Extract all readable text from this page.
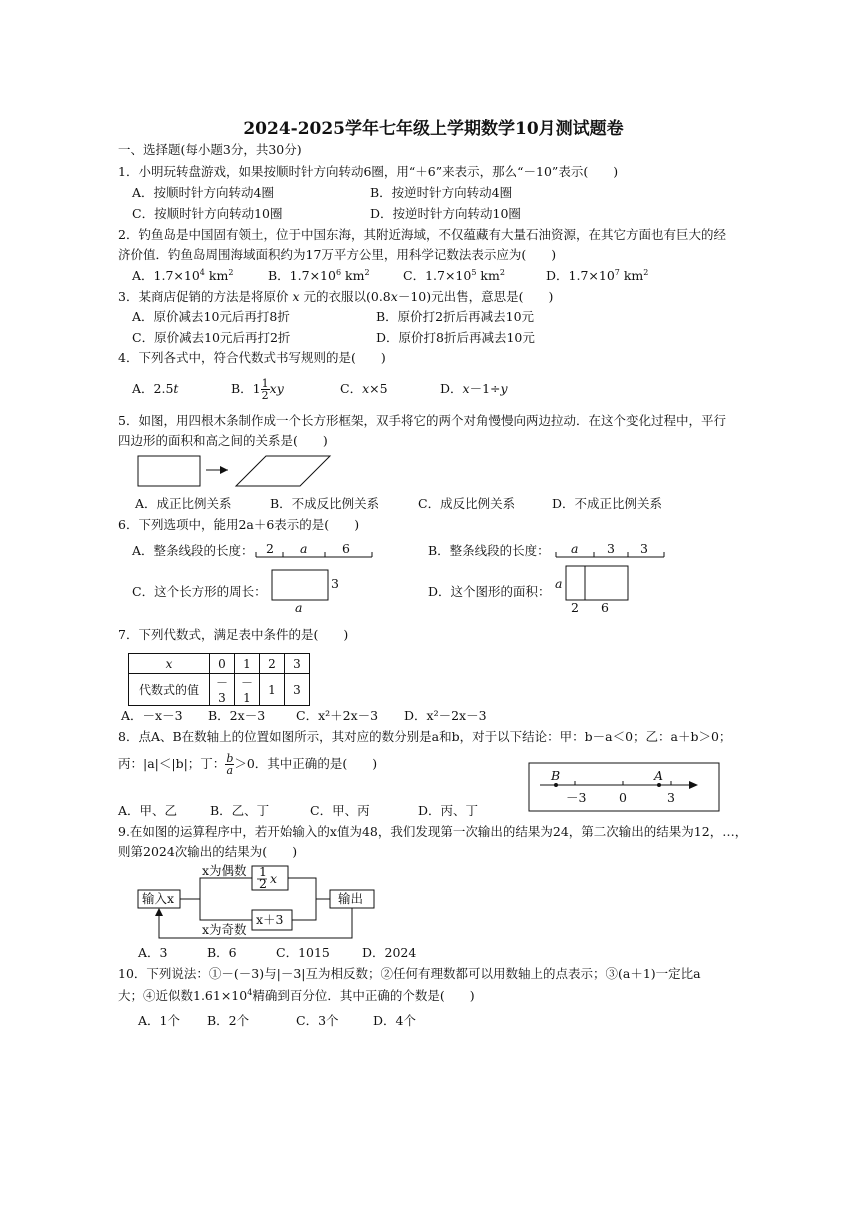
2024-2025学年七年级上学期数学10月测试题卷
一、选择题(每小题3分，共30分)
1．小明玩转盘游戏，如果按顺时针方向转动6圈，用“＋6”来表示，那么“－10”表示(　　)
A．按顺时针方向转动4圈	B．按逆时针方向转动4圈
C．按顺时针方向转动10圈	D．按逆时针方向转动10圈
2．钓鱼岛是中国固有领土，位于中国东海，其附近海域，不仅蕴藏有大量石油资源，在其它方面也有巨大的经
济价值．钓鱼岛周围海域面积约为17万平方公里，用科学记数法表示应为(　　)
A．$1.7\times 10^4$ $km^2$	B．$1.7\times 10^6$ $km^2$	C．$1.7\times 10^5$ $km^2$	D．$1.7\times 10^7$ $km^2$
3．某商店促销的方法是将原价 x 元的衣服以(0.8x－10)元出售，意思是(　　)
A．原价减去10元后再打8折	B．原价打2折后再减去10元
C．原价减去10元后再打2折	D．原价打8折后再减去10元
4．下列各式中，符合代数式书写规则的是(　　)
A．2.5t	B．$1 \frac{1}{2}$ xy	C．x×5	D．x－1÷y
5．如图，用四根木条制作成一个长方形框架，双手将它的两个对角慢慢向两边拉动．在这个变化过程中，平行
四边形的面积和高之间的关系是(　　)
A．成正比例关系	B．不成反比例关系	C．成反比例关系	D．不成正比例关系
6．下列选项中，能用2a＋6表示的是(　　)
A．整条线段的长度：	B．整条线段的长度：
C．这个长方形的周长：	D．这个图形的面积：
2 a	6	a 3 3
3
a
a
2 6
7．下列代数式，满足表中条件的是(　　)
x	0	1	2	3
代数式的值	－3	－1	1	3
A．－x－3 B．2x－3 C．x²＋2x－3 D．x²－2x－3
8．点A、B在数轴上的位置如图所示，其对应的数分别是a和b，对于以下结论：甲：b－a＜0；乙：a＋b＞0；
丙：|a|＜|b|；丁： $\frac{b}{a} >0$．其中正确的是(　　)
B	A
－3	0	3
A．甲、乙	B．乙、丁	C．甲、丙	D．丙、丁
9.在如图的运算程序中，若开始输入的x值为48，我们发现第一次输出的结果为24，第二次输出的结果为12，…，
则第2024次输出的结果为(　　)
输入x	输出
1
2 x
x＋3
x为偶数
x为奇数
A．3	B．6	C．1015	D．2024
10．下列说法：①－(－3)与|－3|互为相反数；②任何有理数都可以用数轴上的点表示；③(a＋1)一定比a
大；④近似数$1.61\times 10^4$精确到百分位．其中正确的个数是(　　)
A．1个 B．2个	C．3个	D．4个
